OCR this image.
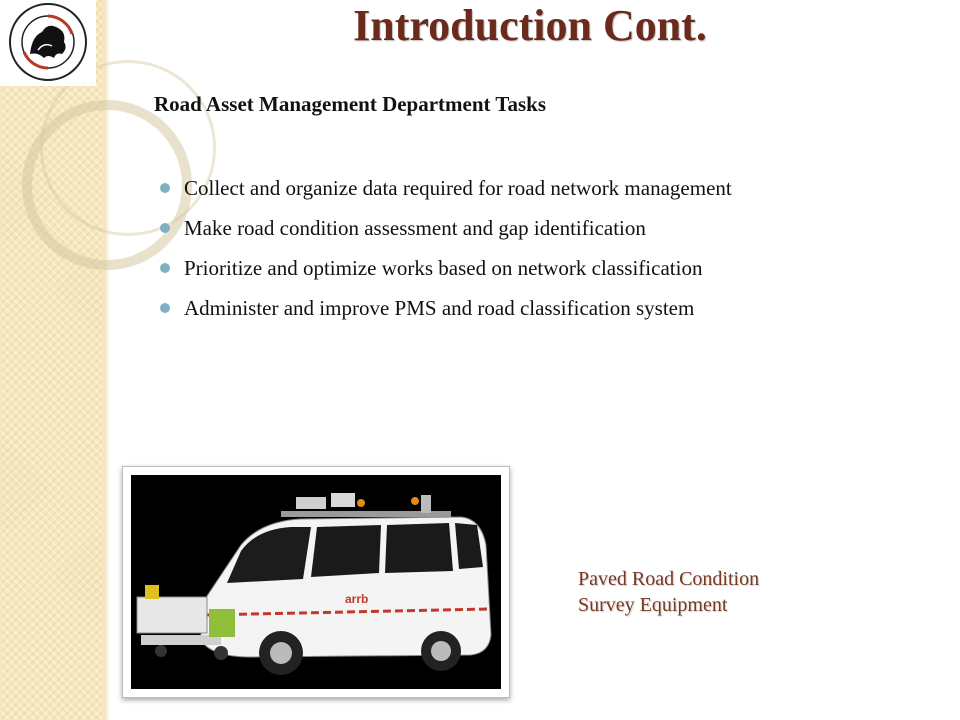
Introduction Cont.
Road Asset Management Department Tasks
Collect and organize data required for road network management
Make road condition assessment and gap identification
Prioritize and optimize works based on network classification
Administer and improve PMS and road classification system
arrb
Paved Road Condition
Survey Equipment
